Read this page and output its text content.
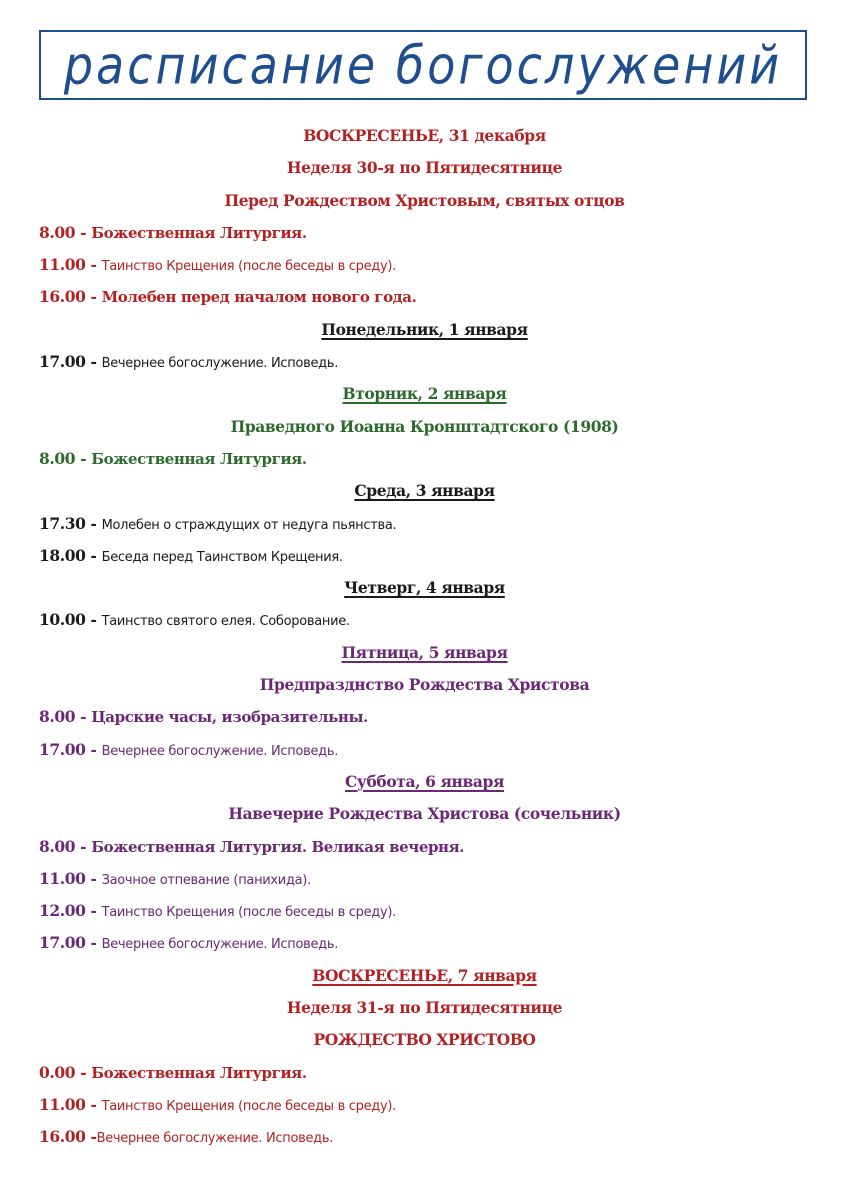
расписание богослужений
ВОСКРЕСЕНЬЕ, 31 декабря
Неделя 30-я по Пятидесятнице
Перед Рождеством Христовым, святых отцов
8.00 - Божественная Литургия.
11.00 - Таинство Крещения (после беседы в среду).
16.00 - Молебен перед началом нового года.
Понедельник, 1 января
17.00 - Вечернее богослужение. Исповедь.
Вторник, 2 января
Праведного Иоанна Кронштадтского (1908)
8.00 - Божественная Литургия.
Среда, 3 января
17.30 - Молебен о страждущих от недуга пьянства.
18.00 - Беседа перед Таинством Крещения.
Четверг, 4 января
10.00 - Таинство святого елея. Соборование.
Пятница, 5 января
Предпразднство Рождества Христова
8.00 - Царские часы, изобразительны.
17.00 - Вечернее богослужение. Исповедь.
Суббота, 6 января
Навечерие Рождества Христова (сочельник)
8.00 - Божественная Литургия. Великая вечерня.
11.00 - Заочное отпевание (панихида).
12.00 - Таинство Крещения (после беседы в среду).
17.00 - Вечернее богослужение. Исповедь.
ВОСКРЕСЕНЬЕ, 7 января
Неделя 31-я по Пятидесятнице
РОЖДЕСТВО ХРИСТОВО
0.00 - Божественная Литургия.
11.00 - Таинство Крещения (после беседы в среду).
16.00 -Вечернее богослужение. Исповедь.
